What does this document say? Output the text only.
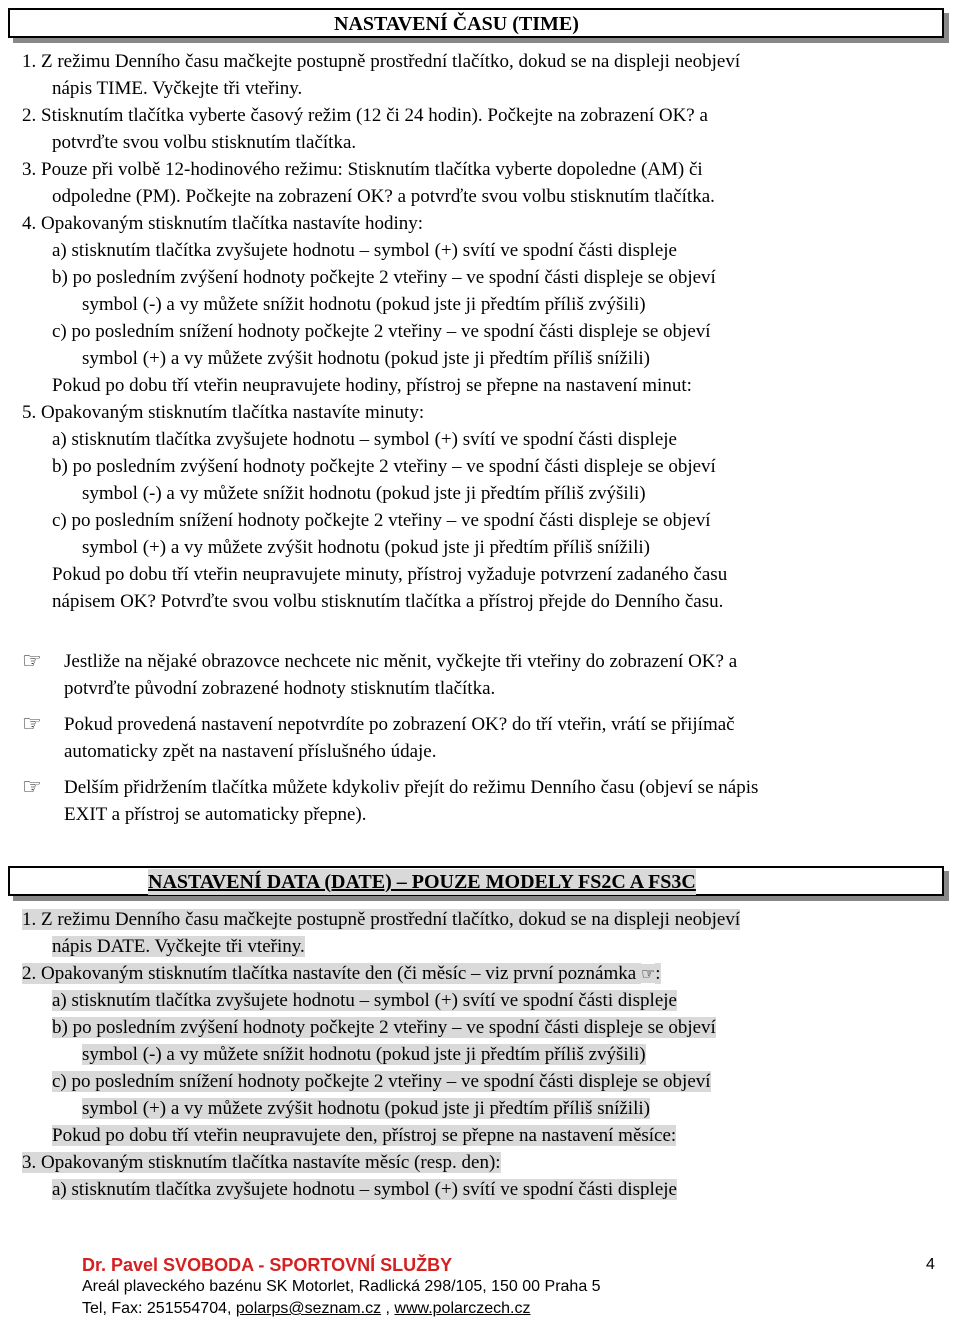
NASTAVENÍ ČASU (TIME)
1. Z režimu Denního času mačkejte postupně prostřední tlačítko, dokud se na displeji neobjeví
nápis TIME. Vyčkejte tři vteřiny.
2. Stisknutím tlačítka vyberte časový režim (12 či 24 hodin). Počkejte na zobrazení OK? a
potvrďte svou volbu stisknutím tlačítka.
3. Pouze při volbě 12-hodinového režimu: Stisknutím tlačítka vyberte dopoledne (AM) či
odpoledne (PM). Počkejte na zobrazení OK? a potvrďte svou volbu stisknutím tlačítka.
4. Opakovaným stisknutím tlačítka nastavíte hodiny:
a) stisknutím tlačítka zvyšujete hodnotu – symbol (+) svítí ve spodní části displeje
b) po posledním zvýšení hodnoty počkejte 2 vteřiny – ve spodní části displeje se objeví
symbol (-) a vy můžete snížit hodnotu (pokud jste ji předtím příliš zvýšili)
c) po posledním snížení hodnoty počkejte 2 vteřiny – ve spodní části displeje se objeví
symbol (+) a vy můžete zvýšit hodnotu (pokud jste ji předtím příliš snížili)
Pokud po dobu tří vteřin neupravujete hodiny, přístroj se přepne na nastavení minut:
5. Opakovaným stisknutím tlačítka nastavíte minuty:
a) stisknutím tlačítka zvyšujete hodnotu – symbol (+) svítí ve spodní části displeje
b) po posledním zvýšení hodnoty počkejte 2 vteřiny – ve spodní části displeje se objeví
symbol (-) a vy můžete snížit hodnotu (pokud jste ji předtím příliš zvýšili)
c) po posledním snížení hodnoty počkejte 2 vteřiny – ve spodní části displeje se objeví
symbol (+) a vy můžete zvýšit hodnotu (pokud jste ji předtím příliš snížili)
Pokud po dobu tří vteřin neupravujete minuty, přístroj vyžaduje potvrzení zadaného času
nápisem OK? Potvrďte svou volbu stisknutím tlačítka a přístroj přejde do Denního času.
☞ Jestliže na nějaké obrazovce nechcete nic měnit, vyčkejte tři vteřiny do zobrazení OK? a
potvrďte původní zobrazené hodnoty stisknutím tlačítka.
☞ Pokud provedená nastavení nepotvrdíte po zobrazení OK? do tří vteřin, vrátí se přijímač
automaticky zpět na nastavení příslušného údaje.
☞ Delším přidržením tlačítka můžete kdykoliv přejít do režimu Denního času (objeví se nápis
EXIT a přístroj se automaticky přepne).
NASTAVENÍ DATA (DATE) – POUZE MODELY FS2C A FS3C
1. Z režimu Denního času mačkejte postupně prostřední tlačítko, dokud se na displeji neobjeví
nápis DATE. Vyčkejte tři vteřiny.
2. Opakovaným stisknutím tlačítka nastavíte den (či měsíc – viz první poznámka ☞:
a) stisknutím tlačítka zvyšujete hodnotu – symbol (+) svítí ve spodní části displeje
b) po posledním zvýšení hodnoty počkejte 2 vteřiny – ve spodní části displeje se objeví
symbol (-) a vy můžete snížit hodnotu (pokud jste ji předtím příliš zvýšili)
c) po posledním snížení hodnoty počkejte 2 vteřiny – ve spodní části displeje se objeví
symbol (+) a vy můžete zvýšit hodnotu (pokud jste ji předtím příliš snížili)
Pokud po dobu tří vteřin neupravujete den, přístroj se přepne na nastavení měsíce:
3. Opakovaným stisknutím tlačítka nastavíte měsíc (resp. den):
a) stisknutím tlačítka zvyšujete hodnotu – symbol (+) svítí ve spodní části displeje
Dr. Pavel SVOBODA - SPORTOVNÍ SLUŽBY	4
Areál plaveckého bazénu SK Motorlet, Radlická 298/105, 150 00 Praha 5
Tel, Fax: 251554704, polarps@seznam.cz , www.polarczech.cz
